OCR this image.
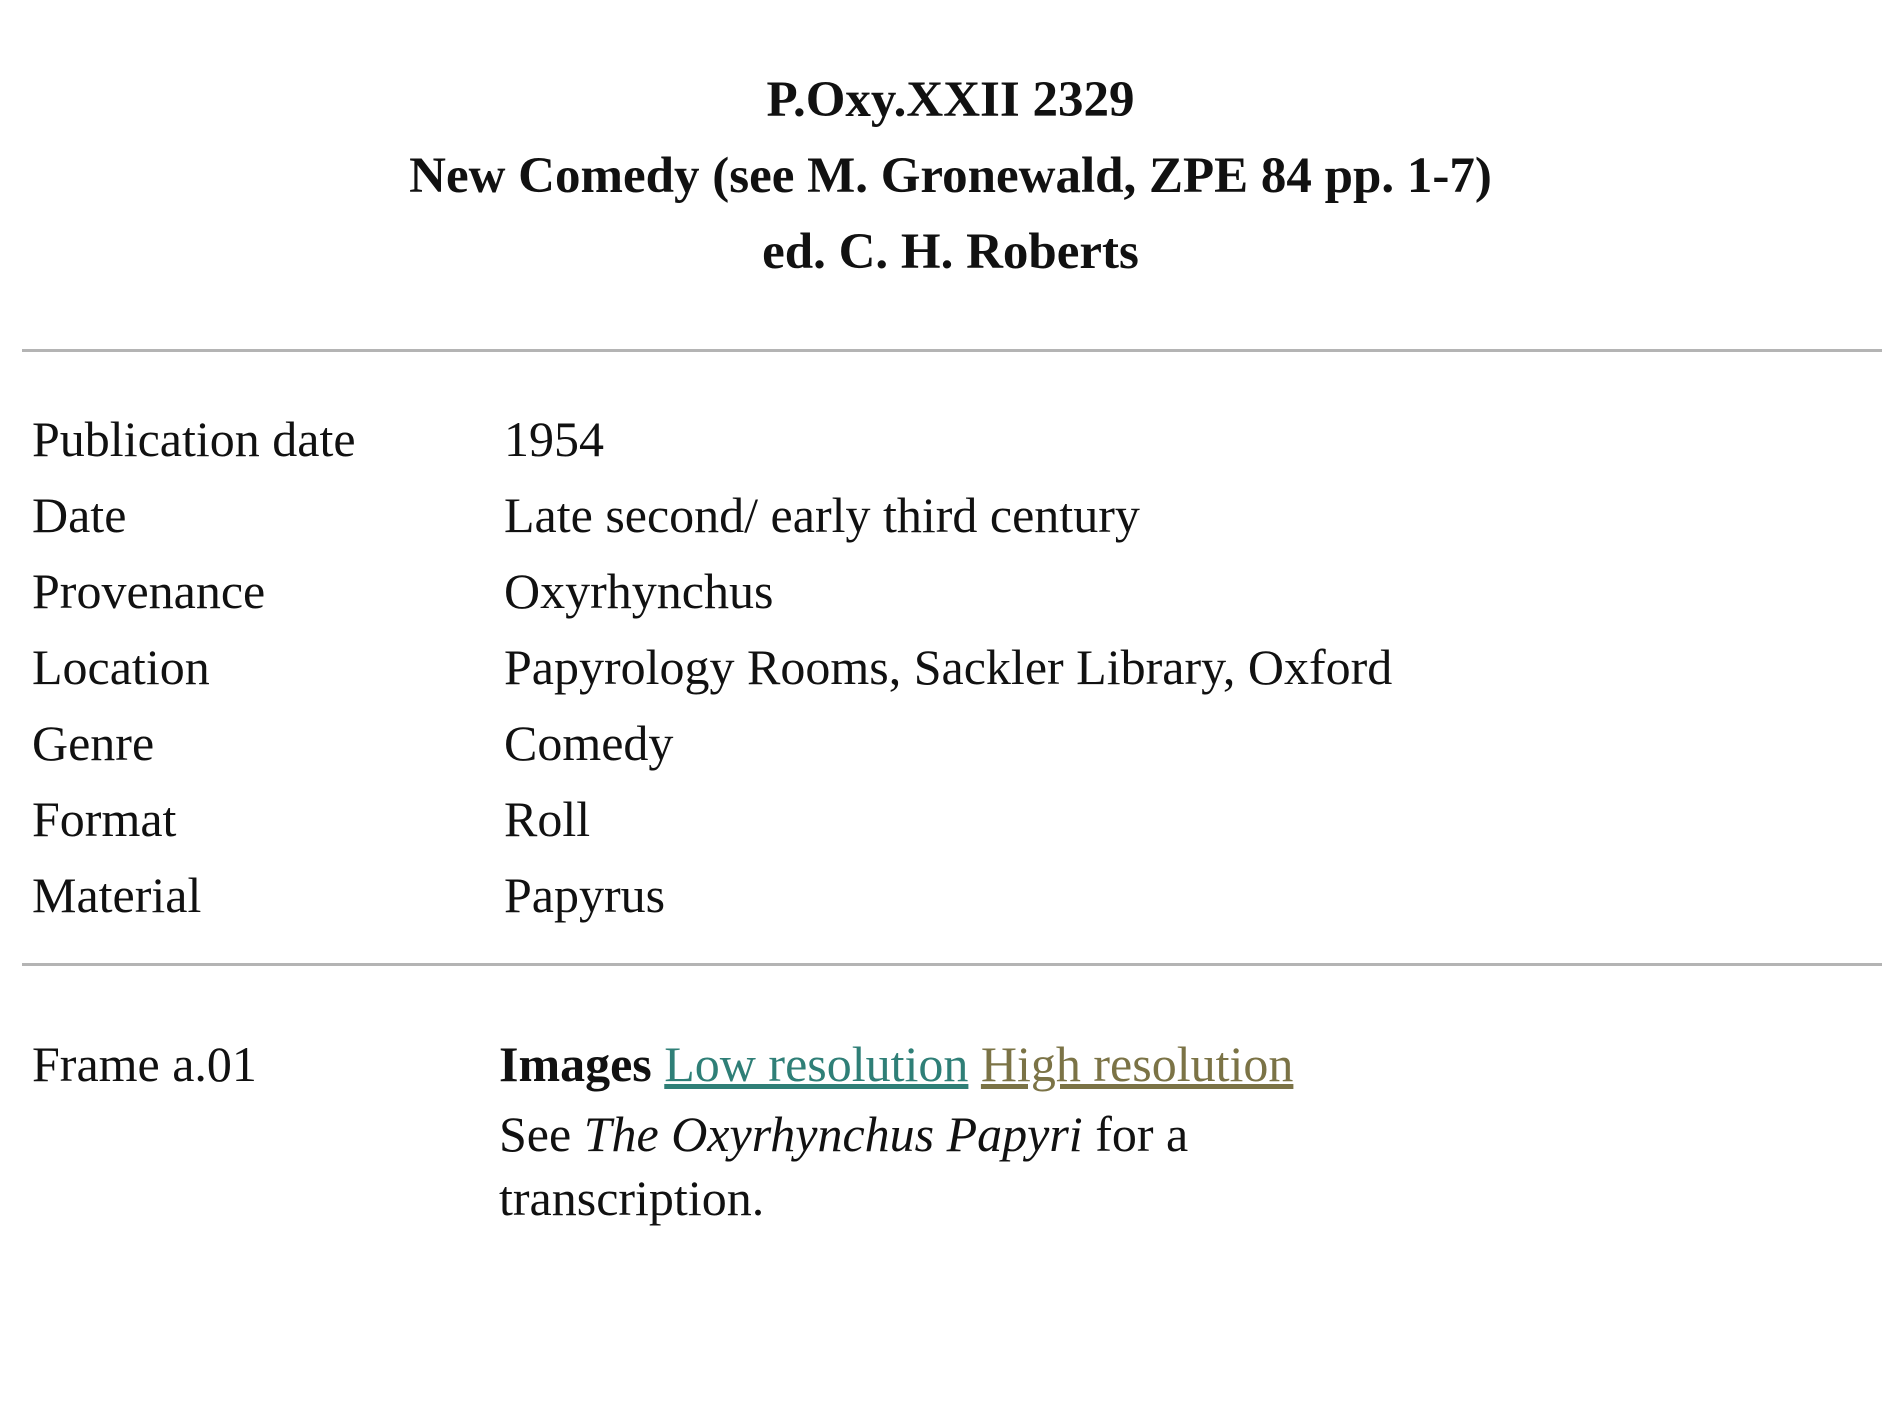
P.Oxy.XXII 2329
New Comedy (see M. Gronewald, ZPE 84 pp. 1-7)
ed. C. H. Roberts
Publication date	1954
Date	Late second/ early third century
Provenance	Oxyrhynchus
Location	Papyrology Rooms, Sackler Library, Oxford
Genre	Comedy
Format	Roll
Material	Papyrus
Frame a.01	Images Low resolution High resolution
See The Oxyrhynchus Papyri for a transcription.
